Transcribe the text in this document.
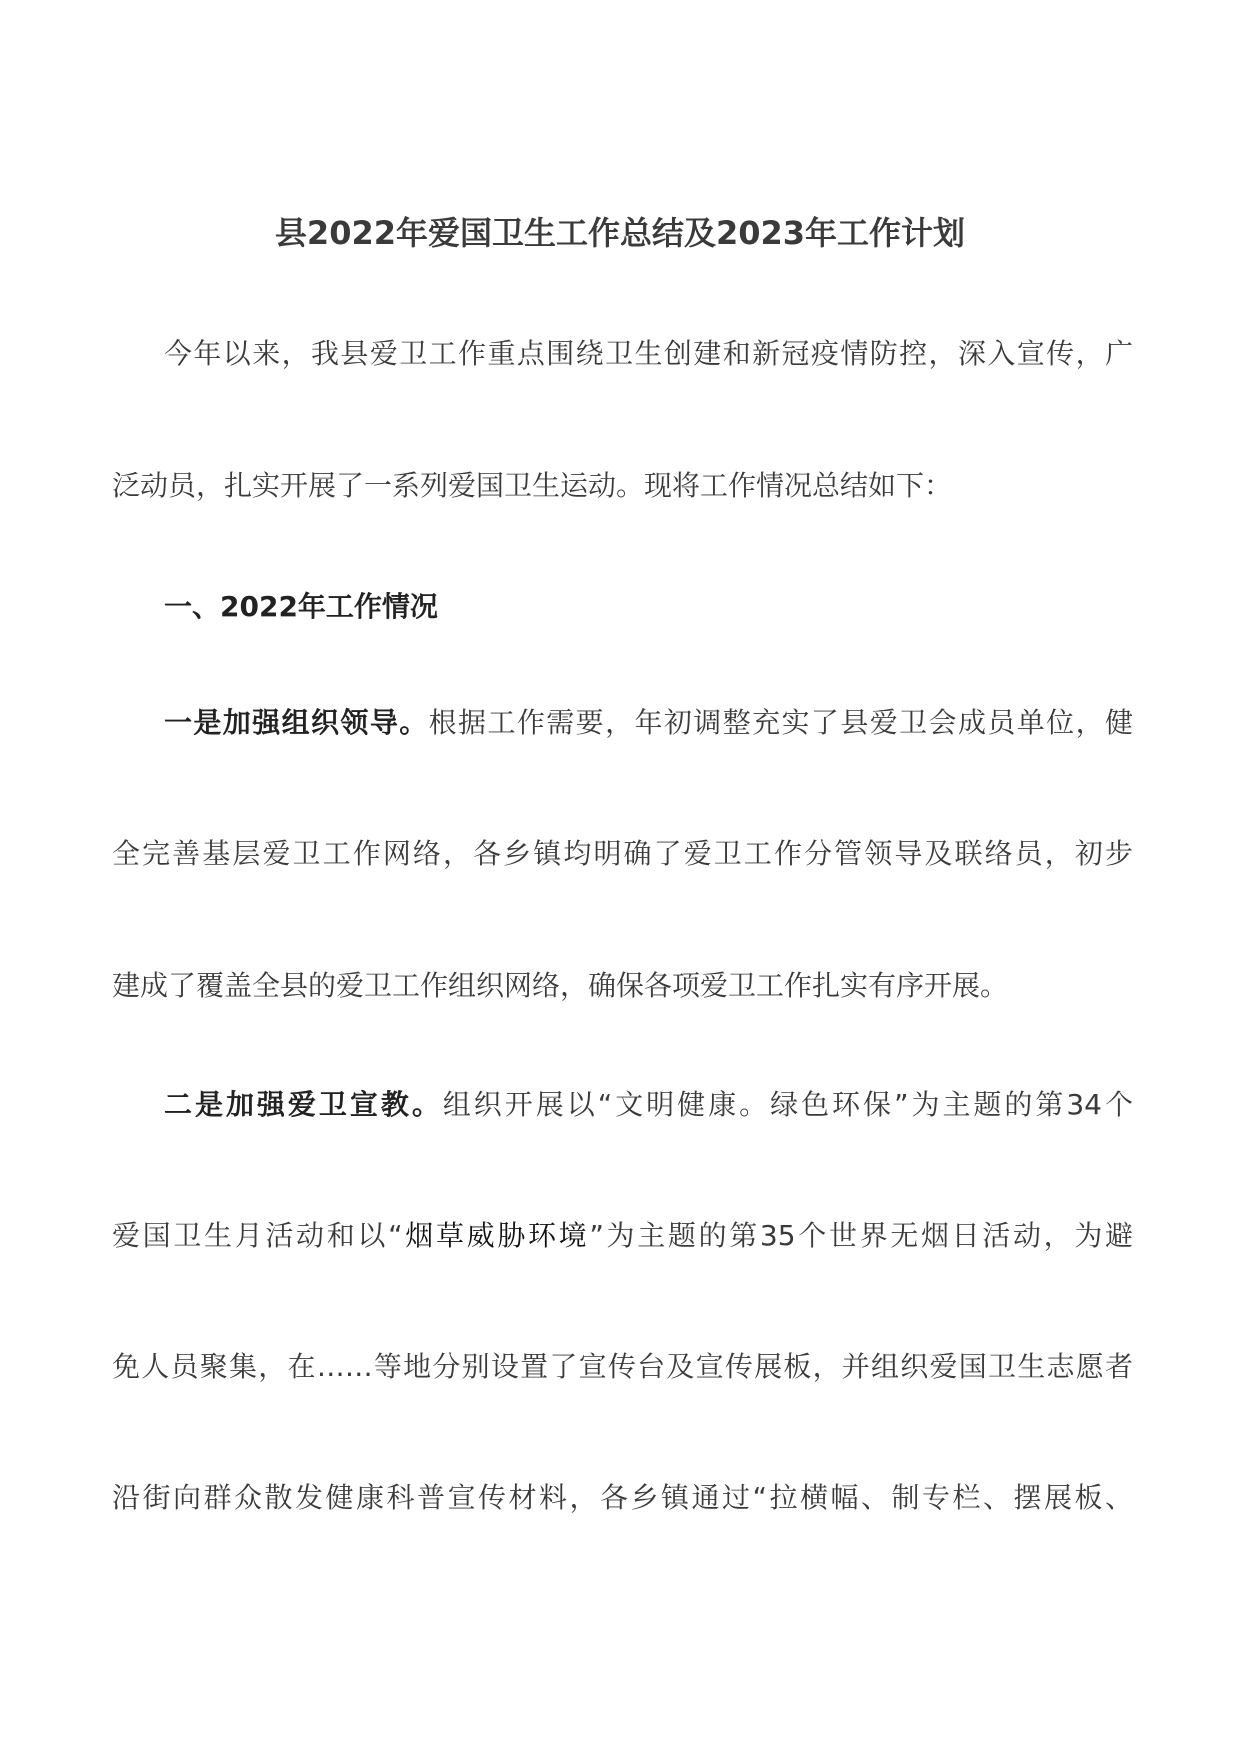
县2022年爱国卫生工作总结及2023年工作计划
今年以来，我县爱卫工作重点围绕卫生创建和新冠疫情防控，深入宣传，广
泛动员，扎实开展了一系列爱国卫生运动。现将工作情况总结如下：
一、2022年工作情况
一是加强组织领导。根据工作需要，年初调整充实了县爱卫会成员单位，健
全完善基层爱卫工作网络，各乡镇均明确了爱卫工作分管领导及联络员，初步
建成了覆盖全县的爱卫工作组织网络，确保各项爱卫工作扎实有序开展。
二是加强爱卫宣教。组织开展以“文明健康。绿色环保”为主题的第34个
爱国卫生月活动和以“烟草威胁环境”为主题的第35个世界无烟日活动，为避
免人员聚集，在……等地分别设置了宣传台及宣传展板，并组织爱国卫生志愿者
沿街向群众散发健康科普宣传材料，各乡镇通过“拉横幅、制专栏、摆展板、
